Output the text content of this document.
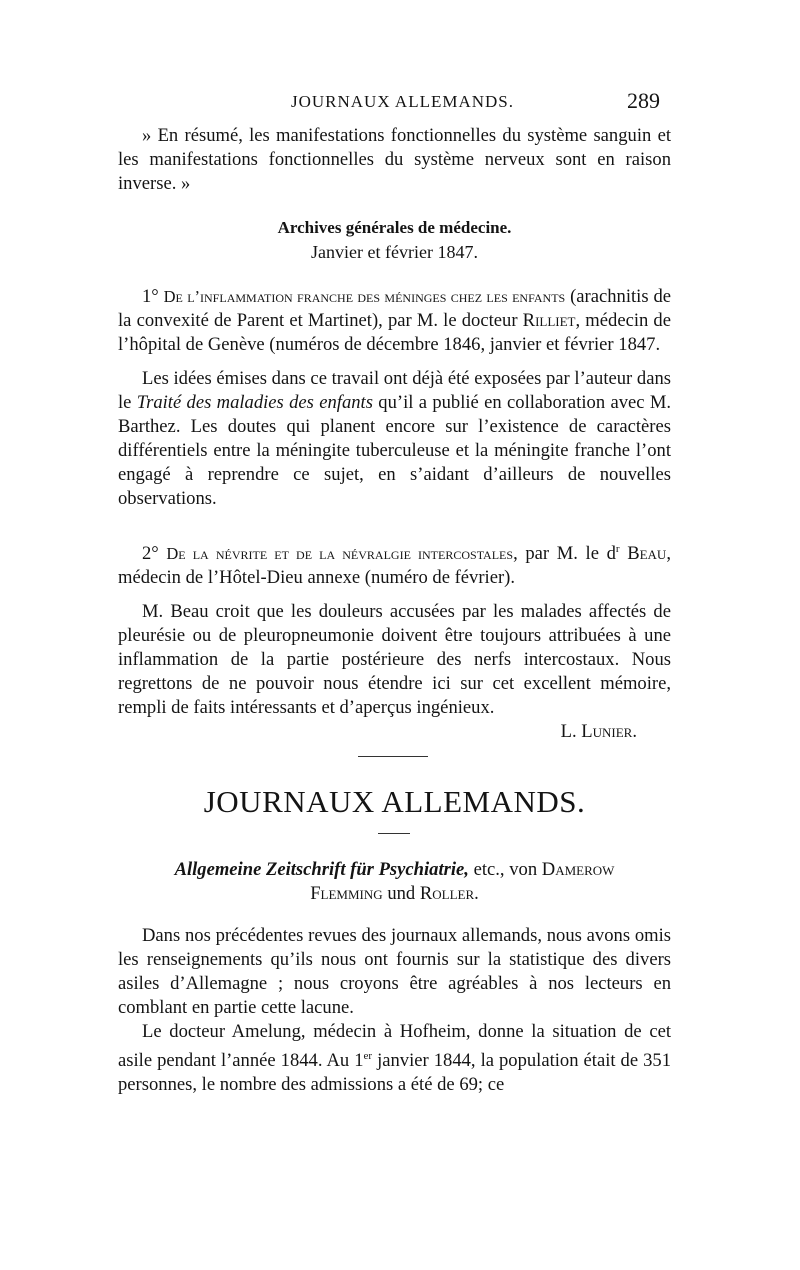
JOURNAUX ALLEMANDS.	289

» En résumé, les manifestations fonctionnelles du système sanguin et les manifestations fonctionnelles du système nerveux sont en raison inverse. »

Archives générales de médecine.
Janvier et février 1847.

1° De l’inflammation franche des méninges chez les enfants (arachnitis de la convexité de Parent et Martinet), par M. le docteur Rilliet, médecin de l’hôpital de Genève (numéros de décembre 1846, janvier et février 1847.

Les idées émises dans ce travail ont déjà été exposées par l’auteur dans le Traité des maladies des enfants qu’il a publié en collaboration avec M. Barthez. Les doutes qui planent encore sur l’existence de caractères différentiels entre la méningite tuberculeuse et la méningite franche l’ont engagé à reprendre ce sujet, en s’aidant d’ailleurs de nouvelles observations.

2° De la névrite et de la névralgie intercostales, par M. le $d^r$ Beau, médecin de l’Hôtel-Dieu annexe (numéro de février).

M. Beau croit que les douleurs accusées par les malades affectés de pleurésie ou de pleuropneumonie doivent être toujours attribuées à une inflammation de la partie postérieure des nerfs intercostaux. Nous regrettons de ne pouvoir nous étendre ici sur cet excellent mémoire, rempli de faits intéressants et d’aperçus ingénieux.

L. Lunier.
JOURNAUX ALLEMANDS.
Allgemeine Zeitschrift für Psychiatrie, etc., von Damerow
Flemming und Roller.

Dans nos précédentes revues des journaux allemands, nous avons omis les renseignements qu’ils nous ont fournis sur la statistique des divers asiles d’Allemagne ; nous croyons être agréables à nos lecteurs en comblant en partie cette lacune.

Le docteur Amelung, médecin à Hofheim, donne la situation de cet asile pendant l’année 1844. Au 1er janvier 1844, la population était de 351 personnes, le nombre des admissions a été de 69; ce
